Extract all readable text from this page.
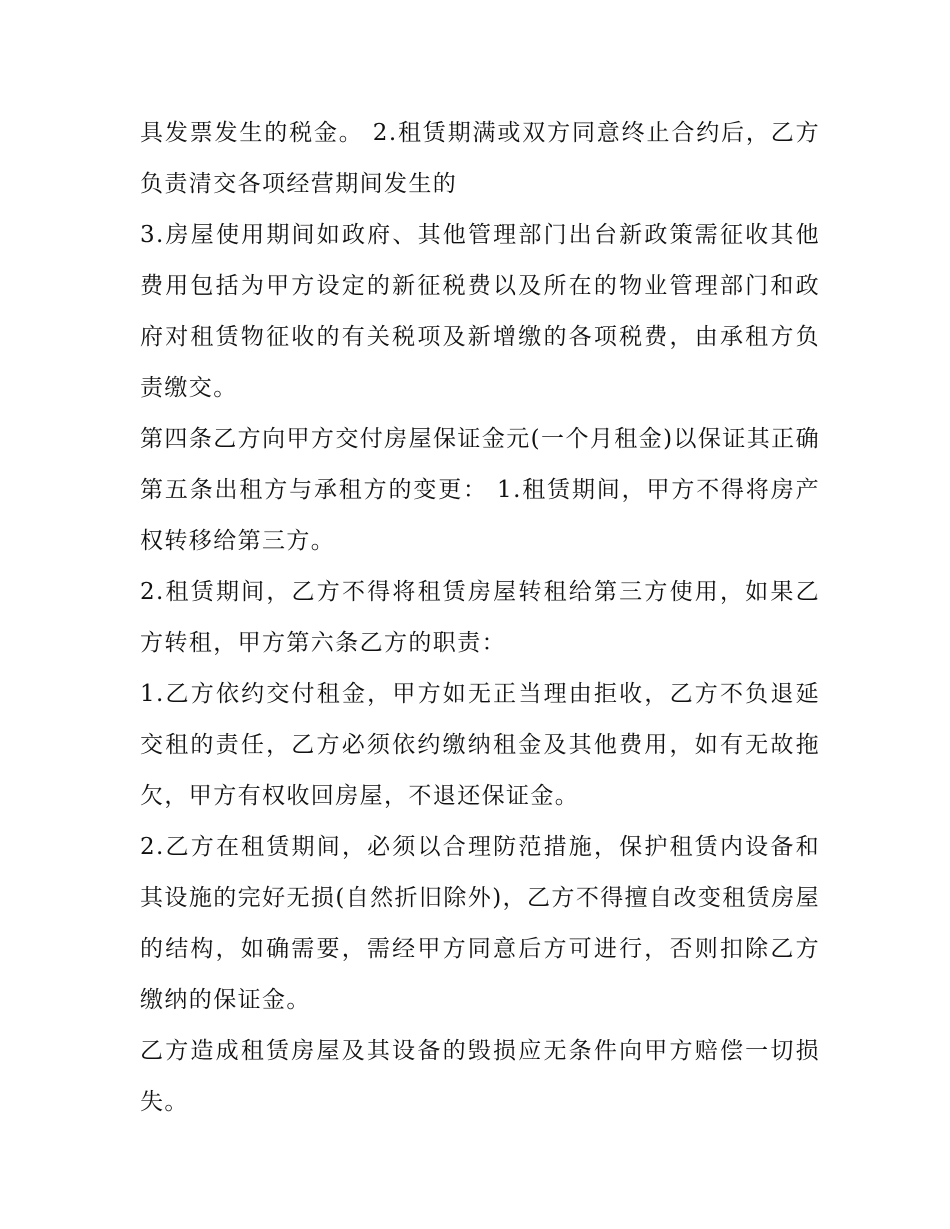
具发票发生的税金。 2.租赁期满或双方同意终止合约后，乙方负责清交各项经营期间发生的

3.房屋使用期间如政府、其他管理部门出台新政策需征收其他费用包括为甲方设定的新征税费以及所在的物业管理部门和政府对租赁物征收的有关税项及新增缴的各项税费，由承租方负责缴交。

第四条乙方向甲方交付房屋保证金元(一个月租金)以保证其正确第五条出租方与承租方的变更： 1.租赁期间，甲方不得将房产权转移给第三方。

2.租赁期间，乙方不得将租赁房屋转租给第三方使用，如果乙方转租，甲方第六条乙方的职责：

1.乙方依约交付租金，甲方如无正当理由拒收，乙方不负退延交租的责任，乙方必须依约缴纳租金及其他费用，如有无故拖欠，甲方有权收回房屋，不退还保证金。

2.乙方在租赁期间，必须以合理防范措施，保护租赁内设备和其设施的完好无损(自然折旧除外)，乙方不得擅自改变租赁房屋的结构，如确需要，需经甲方同意后方可进行，否则扣除乙方缴纳的保证金。

乙方造成租赁房屋及其设备的毁损应无条件向甲方赔偿一切损失。
